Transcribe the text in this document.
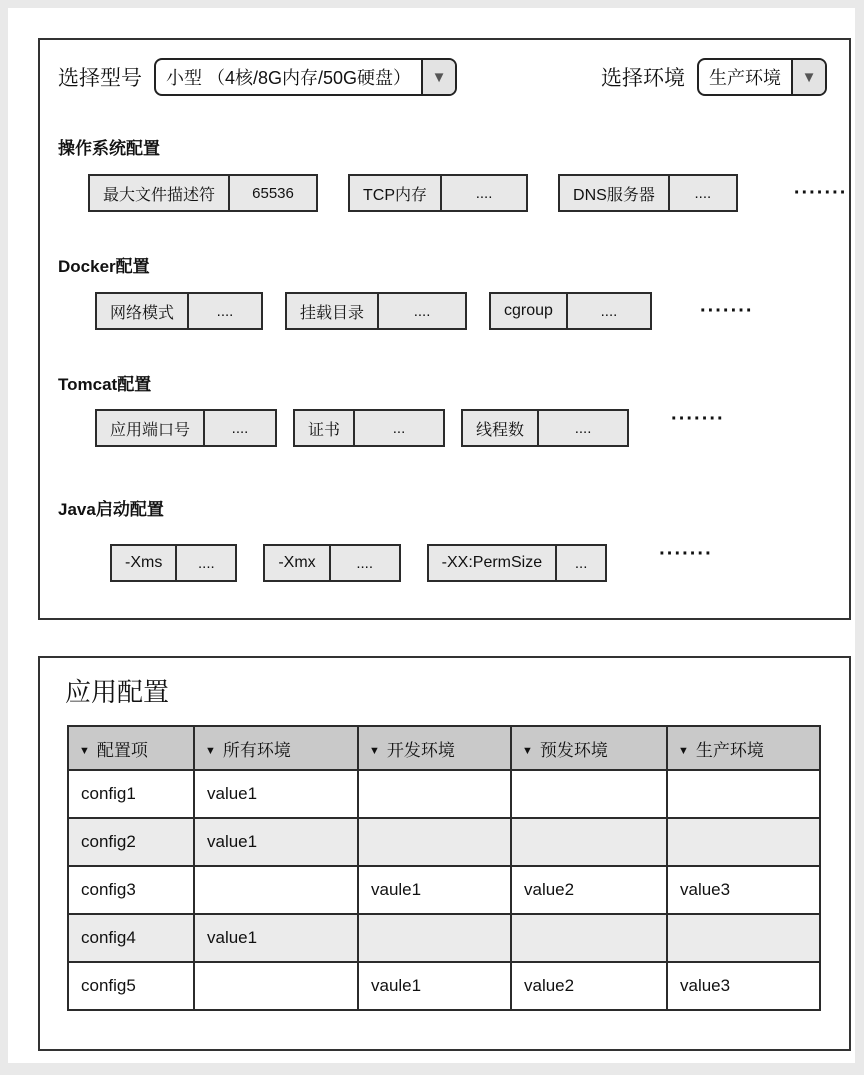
选择型号	小型 （4核/8G内存/50G硬盘）	▼	选择环境	生产环境	▼
操作系统配置
最大文件描述符	65536	TCP内存	....	DNS服务器	....	·······
Docker配置
网络模式	....	挂载目录	....	cgroup	....	·······
Tomcat配置
应用端口号	....	证书	...	线程数	....	·······
Java启动配置
-Xms	....	-Xmx	....	-XX:PermSize	...	·······
应用配置
▼ 配置项	▼ 所有环境	▼ 开发环境	▼ 预发环境	▼ 生产环境
config1	value1			
config2	value1			
config3		vaule1	value2	value3
config4	value1			
config5		vaule1	value2	value3
